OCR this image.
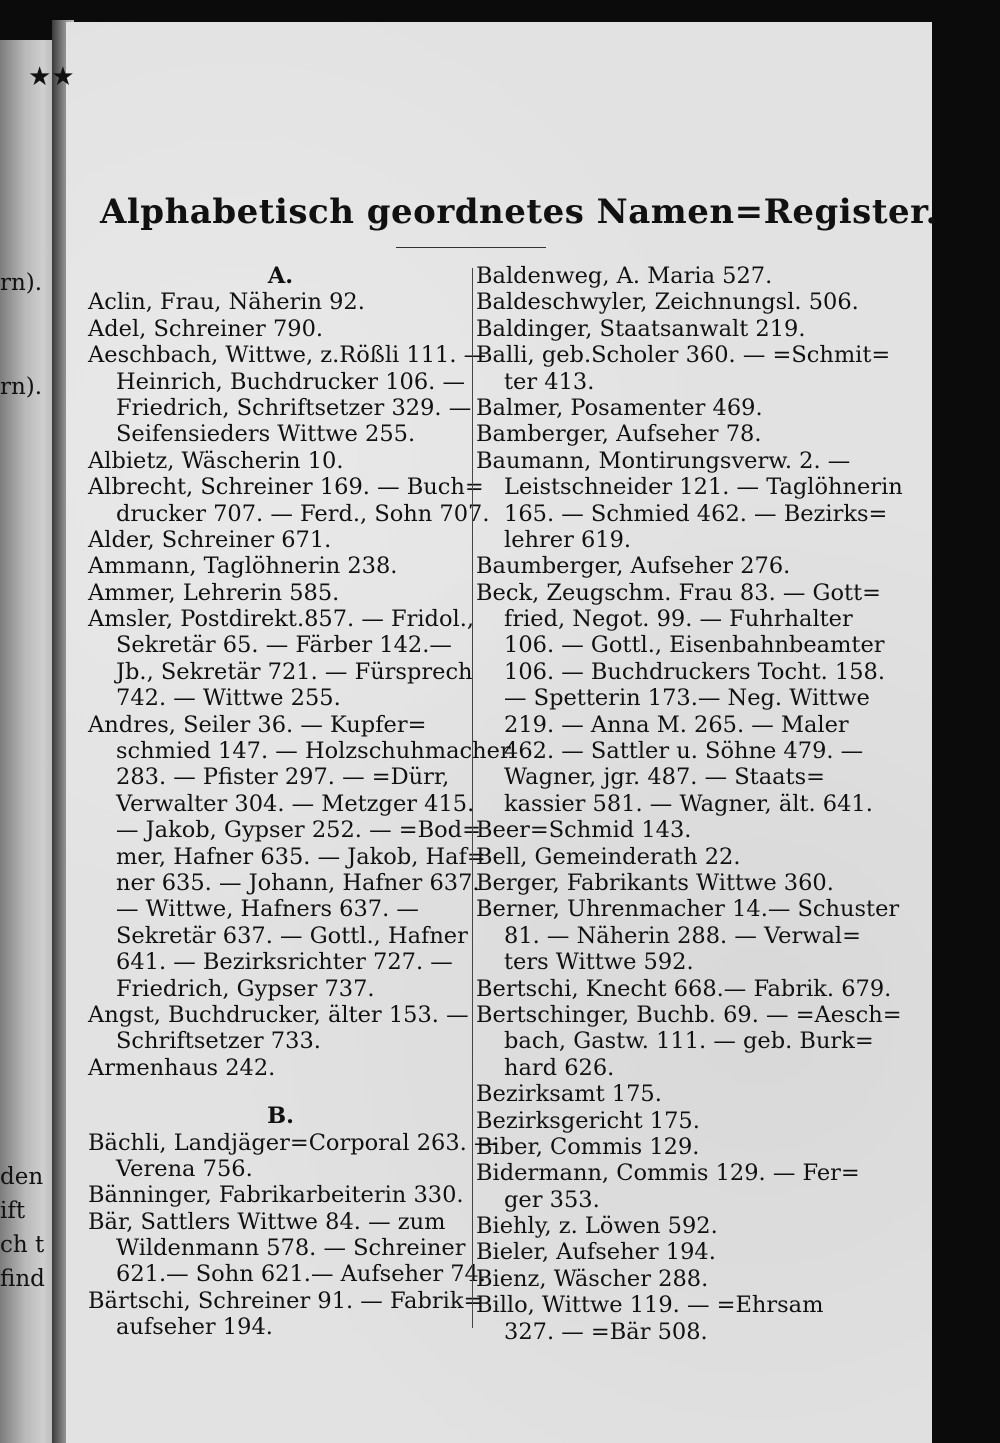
rn).
rn).
den
ift
ch t
find
★★
Alphabetisch geordnetes Namen=Register.
A.
Aclin, Frau, Näherin 92.
Adel, Schreiner 790.
Aeschbach, Wittwe, z.Rößli 111. —
Heinrich, Buchdrucker 106. —
Friedrich, Schriftsetzer 329. —
Seifensieders Wittwe 255.
Albietz, Wäscherin 10.
Albrecht, Schreiner 169. — Buch=
drucker 707. — Ferd., Sohn 707.
Alder, Schreiner 671.
Ammann, Taglöhnerin 238.
Ammer, Lehrerin 585.
Amsler, Postdirekt.857. — Fridol.,
Sekretär 65. — Färber 142.—
Jb., Sekretär 721. — Fürsprech
742. — Wittwe 255.
Andres, Seiler 36. — Kupfer=
schmied 147. — Holzschuhmacher
283. — Pfister 297. — =Dürr,
Verwalter 304. — Metzger 415.
— Jakob, Gypser 252. — =Bod=
mer, Hafner 635. — Jakob, Haf=
ner 635. — Johann, Hafner 637.
— Wittwe, Hafners 637. —
Sekretär 637. — Gottl., Hafner
641. — Bezirksrichter 727. —
Friedrich, Gypser 737.
Angst, Buchdrucker, älter 153. —
Schriftsetzer 733.
Armenhaus 242.
B.
Bächli, Landjäger=Corporal 263. —
Verena 756.
Bänninger, Fabrikarbeiterin 330.
Bär, Sattlers Wittwe 84. — zum
Wildenmann 578. — Schreiner
621.— Sohn 621.— Aufseher 74.
Bärtschi, Schreiner 91. — Fabrik=
aufseher 194.
Baldenweg, A. Maria 527.
Baldeschwyler, Zeichnungsl. 506.
Baldinger, Staatsanwalt 219.
Balli, geb.Scholer 360. — =Schmit=
ter 413.
Balmer, Posamenter 469.
Bamberger, Aufseher 78.
Baumann, Montirungsverw. 2. —
Leistschneider 121. — Taglöhnerin
165. — Schmied 462. — Bezirks=
lehrer 619.
Baumberger, Aufseher 276.
Beck, Zeugschm. Frau 83. — Gott=
fried, Negot. 99. — Fuhrhalter
106. — Gottl., Eisenbahnbeamter
106. — Buchdruckers Tocht. 158.
— Spetterin 173.— Neg. Wittwe
219. — Anna M. 265. — Maler
462. — Sattler u. Söhne 479. —
Wagner, jgr. 487. — Staats=
kassier 581. — Wagner, ält. 641.
Beer=Schmid 143.
Bell, Gemeinderath 22.
Berger, Fabrikants Wittwe 360.
Berner, Uhrenmacher 14.— Schuster
81. — Näherin 288. — Verwal=
ters Wittwe 592.
Bertschi, Knecht 668.— Fabrik. 679.
Bertschinger, Buchb. 69. — =Aesch=
bach, Gastw. 111. — geb. Burk=
hard 626.
Bezirksamt 175.
Bezirksgericht 175.
Biber, Commis 129.
Bidermann, Commis 129. — Fer=
ger 353.
Biehly, z. Löwen 592.
Bieler, Aufseher 194.
Bienz, Wäscher 288.
Billo, Wittwe 119. — =Ehrsam
327. — =Bär 508.
